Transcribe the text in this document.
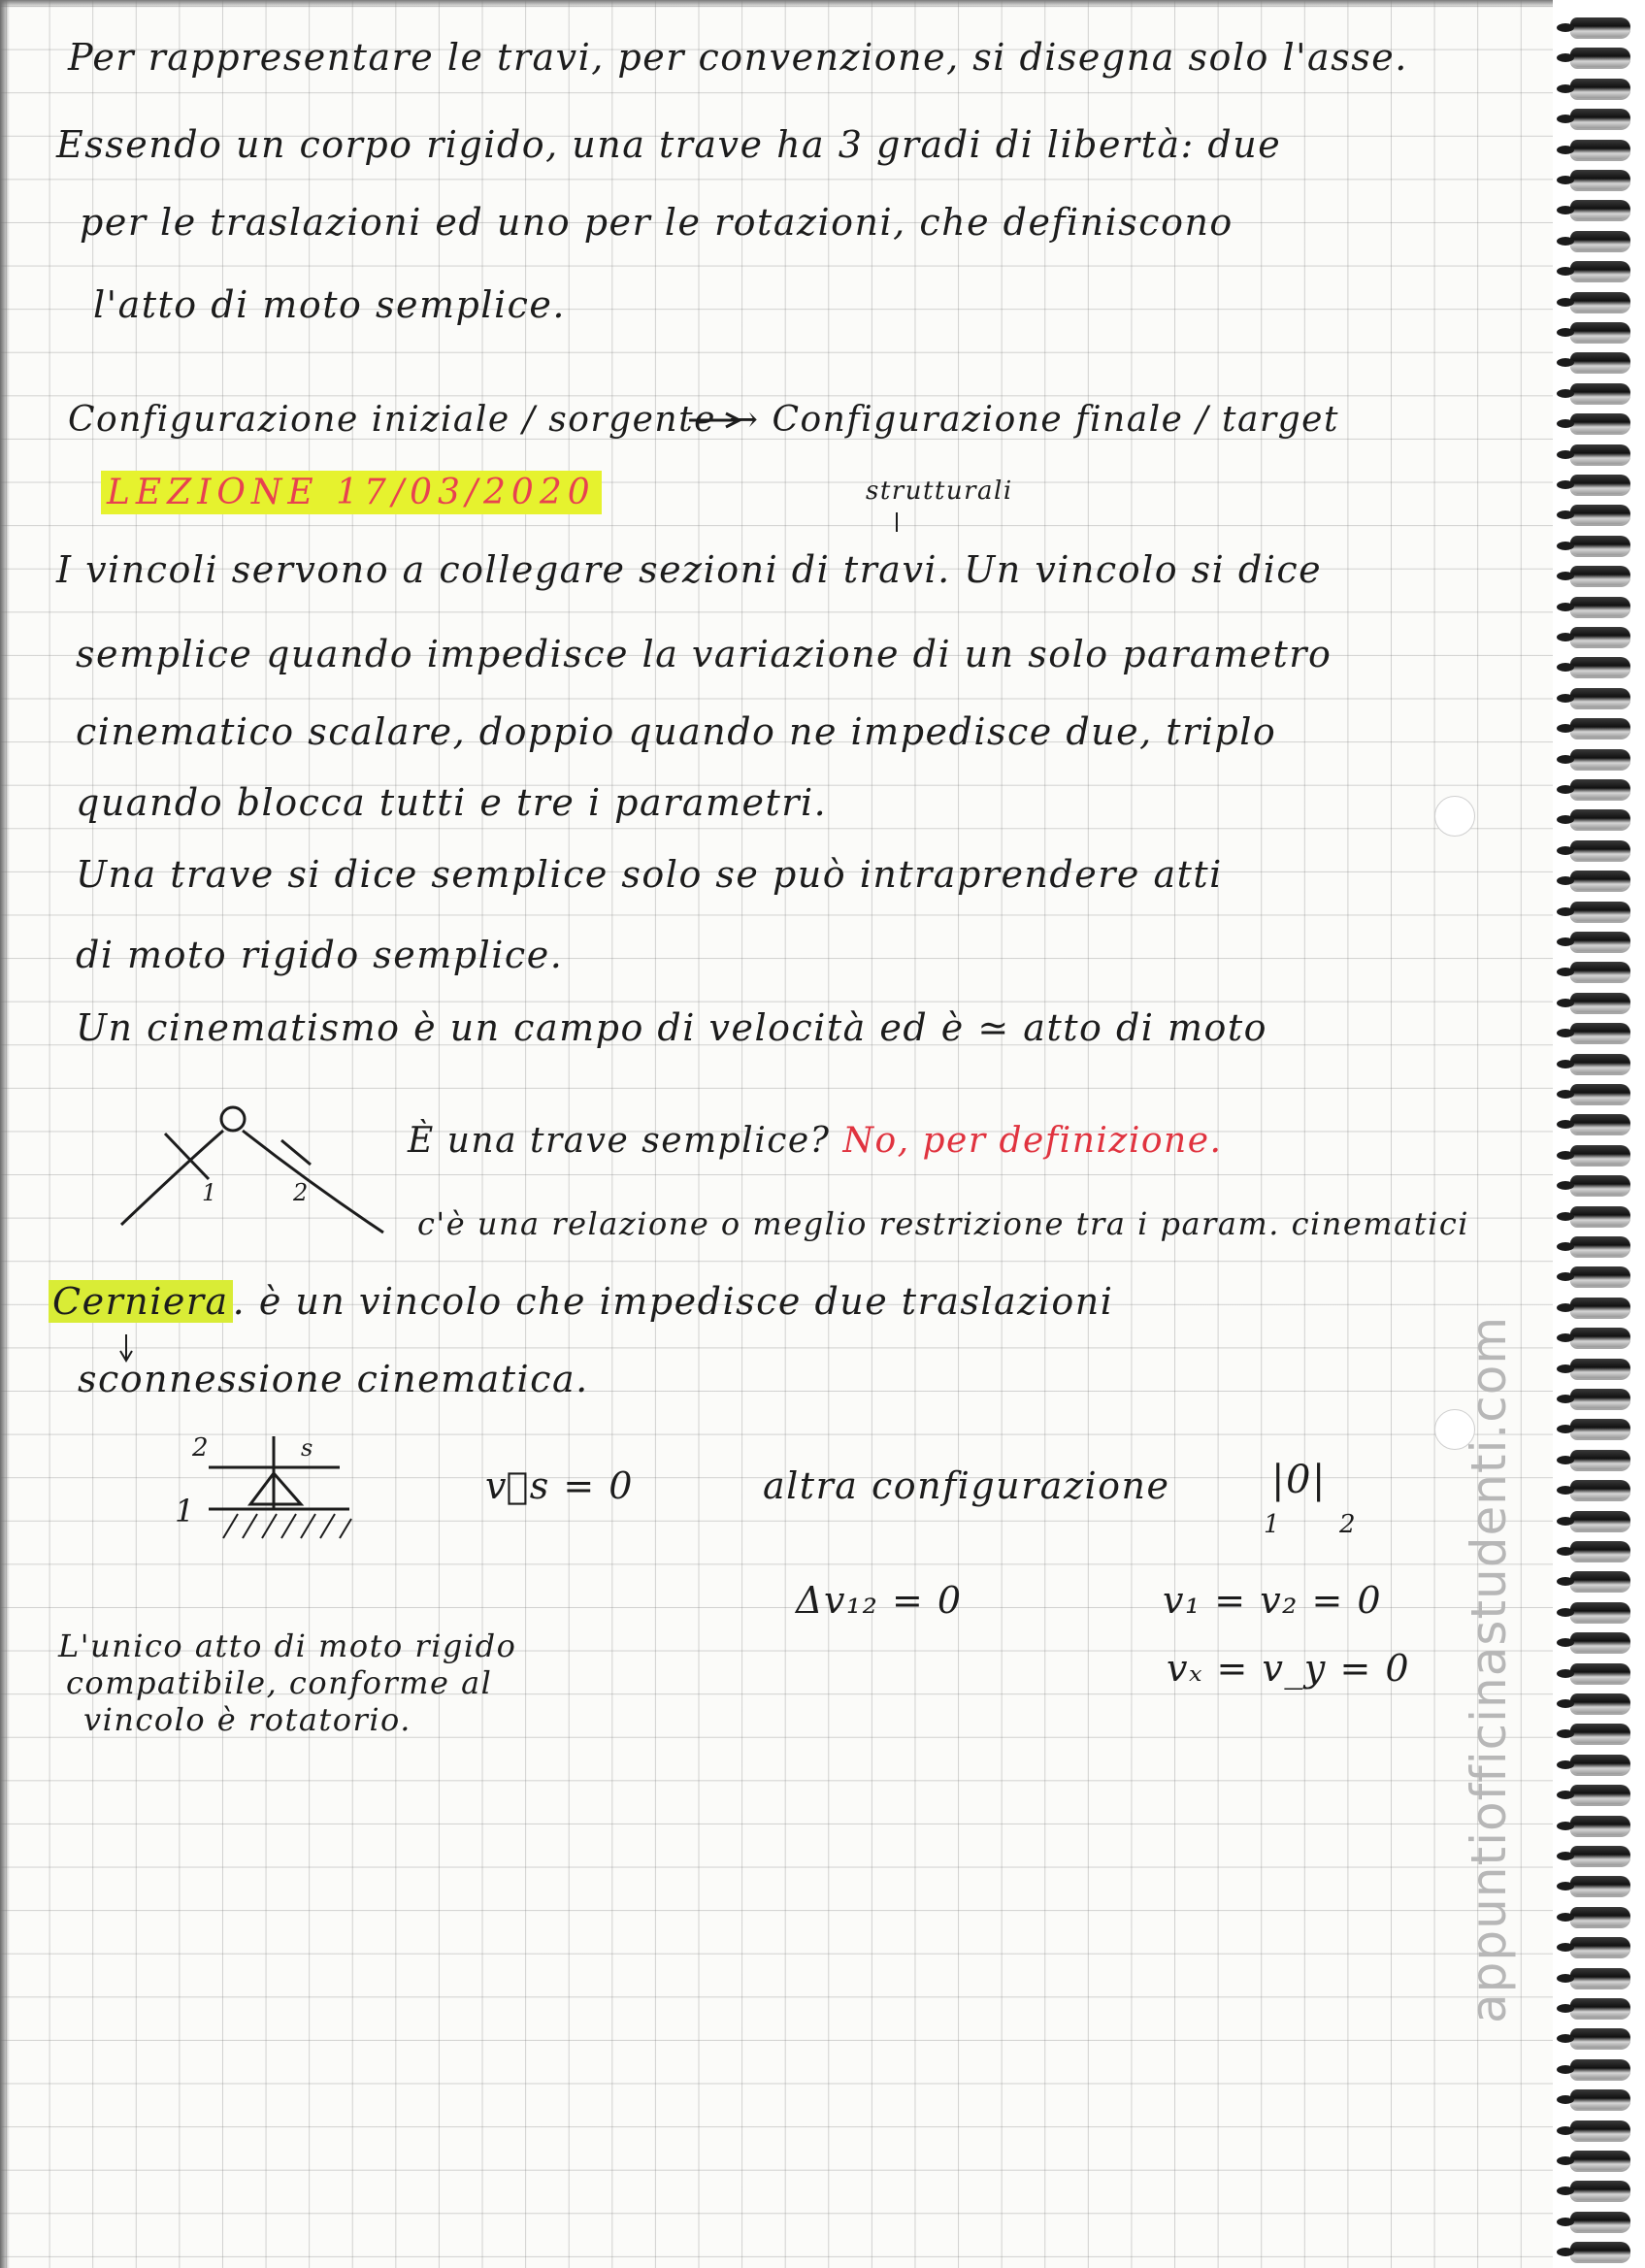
Per rappresentare le travi, per convenzione, si disegna solo l'asse.
Essendo un corpo rigido, una trave ha 3 gradi di libertà: due
per le traslazioni ed uno per le rotazioni, che definiscono
l'atto di moto semplice.
Configurazione iniziale / sorgente → Configurazione finale / target
LEZIONE 17/03/2020	strutturali
I vincoli servono a collegare sezioni di travi. Un vincolo si dice
semplice quando impedisce la variazione di un solo parametro
cinematico scalare, doppio quando ne impedisce due, triplo
quando blocca tutti e tre i parametri.
Una trave si dice semplice solo se può intraprendere atti
di moto rigido semplice.
Un cinematismo è un campo di velocità ed è ≃ atto di moto
È una trave semplice? No, per definizione.
c'è una relazione o meglio restrizione tra i param. cinematici
Cerniera . è un vincolo che impedisce due traslazioni
sconnessione cinematica.
v⃗s = 0	altra configurazione	|0|
1 2
Δv₁₂ = 0	v₁ = v₂ = 0
vₓ = v_y = 0
L'unico atto di moto rigido
compatibile, conforme al
vincolo è rotatorio.
1	2
2
1
s	appuntiofficinastudenti.com
